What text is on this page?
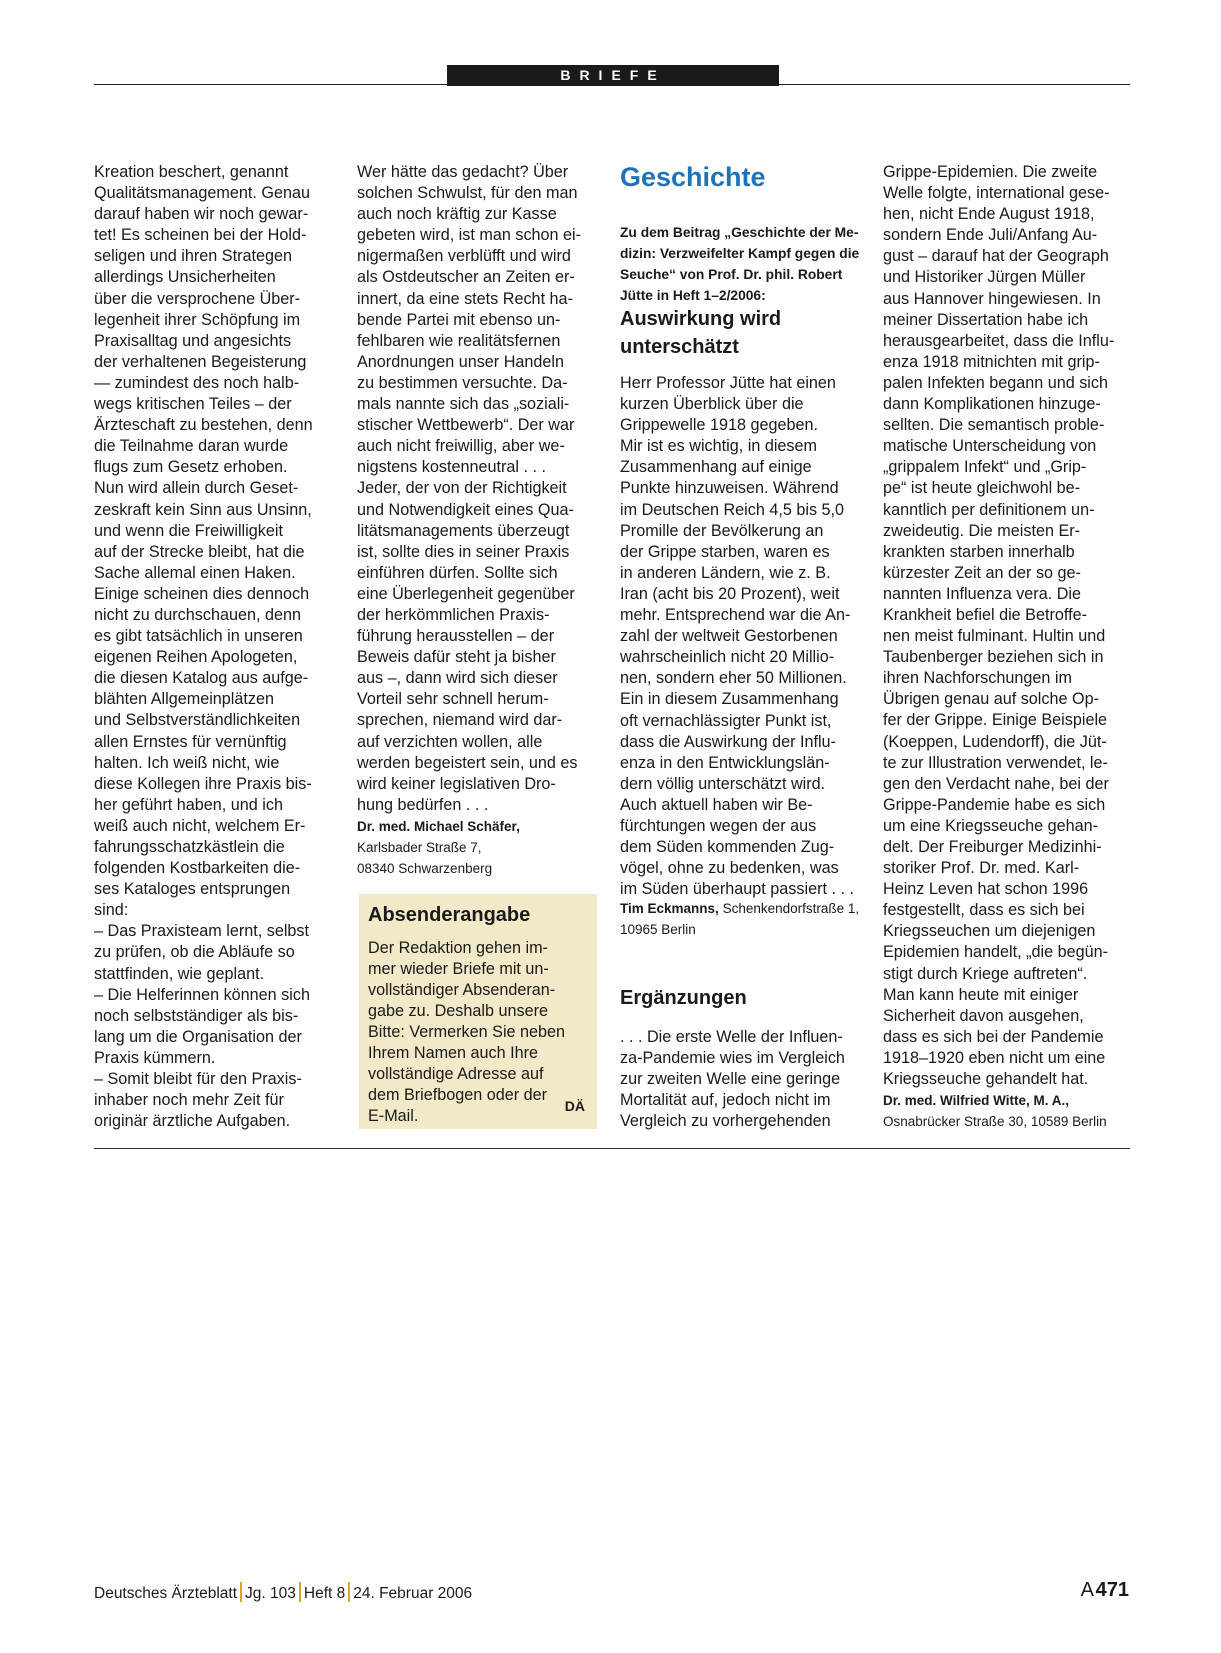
BRIEFE

Kreation beschert, genannt

Qualitätsmanagement. Genau

darauf haben wir noch gewar-

tet! Es scheinen bei der Hold-

seligen und ihren Strategen

allerdings Unsicherheiten

über die versprochene Über-

legenheit ihrer Schöpfung im

Praxisalltag und angesichts

der verhaltenen Begeisterung

— zumindest des noch halb-

wegs kritischen Teiles – der

Ärzteschaft zu bestehen, denn

die Teilnahme daran wurde

flugs zum Gesetz erhoben.

Nun wird allein durch Geset-

zeskraft kein Sinn aus Unsinn,

und wenn die Freiwilligkeit

auf der Strecke bleibt, hat die

Sache allemal einen Haken.

Einige scheinen dies dennoch

nicht zu durchschauen, denn

es gibt tatsächlich in unseren

eigenen Reihen Apologeten,

die diesen Katalog aus aufge-

blähten Allgemeinplätzen

und Selbstverständlichkeiten

allen Ernstes für vernünftig

halten. Ich weiß nicht, wie

diese Kollegen ihre Praxis bis-

her geführt haben, und ich

weiß auch nicht, welchem Er-

fahrungsschatzkästlein die

folgenden Kostbarkeiten die-

ses Kataloges entsprungen

sind:

– Das Praxisteam lernt, selbst

zu prüfen, ob die Abläufe so

stattfinden, wie geplant.

– Die Helferinnen können sich

noch selbstständiger als bis-

lang um die Organisation der

Praxis kümmern.

– Somit bleibt für den Praxis-

inhaber noch mehr Zeit für

originär ärztliche Aufgaben.

Wer hätte das gedacht? Über

solchen Schwulst, für den man

auch noch kräftig zur Kasse

gebeten wird, ist man schon ei-

nigermaßen verblüfft und wird

als Ostdeutscher an Zeiten er-

innert, da eine stets Recht ha-

bende Partei mit ebenso un-

fehlbaren wie realitätsfernen

Anordnungen unser Handeln

zu bestimmen versuchte. Da-

mals nannte sich das „soziali-

stischer Wettbewerb“. Der war

auch nicht freiwillig, aber we-

nigstens kostenneutral . . .

Jeder, der von der Richtigkeit

und Notwendigkeit eines Qua-

litätsmanagements überzeugt

ist, sollte dies in seiner Praxis

einführen dürfen. Sollte sich

eine Überlegenheit gegenüber

der herkömmlichen Praxis-

führung herausstellen – der

Beweis dafür steht ja bisher

aus –, dann wird sich dieser

Vorteil sehr schnell herum-

sprechen, niemand wird dar-

auf verzichten wollen, alle

werden begeistert sein, und es

wird keiner legislativen Dro-

hung bedürfen . . .

Dr. med. Michael Schäfer,
Karlsbader Straße 7,
08340 Schwarzenberg
Absenderangabe

Der Redaktion gehen im-

mer wieder Briefe mit un-

vollständiger Absenderan-

gabe zu. Deshalb unsere

Bitte: Vermerken Sie neben

Ihrem Namen auch Ihre

vollständige Adresse auf

dem Briefbogen oder der

E-Mail.

DÄ
Geschichte

Zu dem Beitrag „Geschichte der Me-

dizin: Verzweifelter Kampf gegen die

Seuche“ von Prof. Dr. phil. Robert

Jütte in Heft 1–2/2006:

Auswirkung wird

unterschätzt

Herr Professor Jütte hat einen

kurzen Überblick über die

Grippewelle 1918 gegeben.

Mir ist es wichtig, in diesem

Zusammenhang auf einige

Punkte hinzuweisen. Während

im Deutschen Reich 4,5 bis 5,0

Promille der Bevölkerung an

der Grippe starben, waren es

in anderen Ländern, wie z. B.

Iran (acht bis 20 Prozent), weit

mehr. Entsprechend war die An-

zahl der weltweit Gestorbenen

wahrscheinlich nicht 20 Millio-

nen, sondern eher 50 Millionen.

Ein in diesem Zusammenhang

oft vernachlässigter Punkt ist,

dass die Auswirkung der Influ-

enza in den Entwicklungslän-

dern völlig unterschätzt wird.

Auch aktuell haben wir Be-

fürchtungen wegen der aus

dem Süden kommenden Zug-

vögel, ohne zu bedenken, was

im Süden überhaupt passiert . . .

Tim Eckmanns, Schenkendorfstraße 1,
10965 Berlin
Ergänzungen

. . . Die erste Welle der Influen-

za-Pandemie wies im Vergleich

zur zweiten Welle eine geringe

Mortalität auf, jedoch nicht im

Vergleich zu vorhergehenden

Grippe-Epidemien. Die zweite

Welle folgte, international gese-

hen, nicht Ende August 1918,

sondern Ende Juli/Anfang Au-

gust – darauf hat der Geograph

und Historiker Jürgen Müller

aus Hannover hingewiesen. In

meiner Dissertation habe ich

herausgearbeitet, dass die Influ-

enza 1918 mitnichten mit grip-

palen Infekten begann und sich

dann Komplikationen hinzuge-

sellten. Die semantisch proble-

matische Unterscheidung von

„grippalem Infekt“ und „Grip-

pe“ ist heute gleichwohl be-

kanntlich per definitionem un-

zweideutig. Die meisten Er-

krankten starben innerhalb

kürzester Zeit an der so ge-

nannten Influenza vera. Die

Krankheit befiel die Betroffe-

nen meist fulminant. Hultin und

Taubenberger beziehen sich in

ihren Nachforschungen im

Übrigen genau auf solche Op-

fer der Grippe. Einige Beispiele

(Koeppen, Ludendorff), die Jüt-

te zur Illustration verwendet, le-

gen den Verdacht nahe, bei der

Grippe-Pandemie habe es sich

um eine Kriegsseuche gehan-

delt. Der Freiburger Medizinhi-

storiker Prof. Dr. med. Karl-

Heinz Leven hat schon 1996

festgestellt, dass es sich bei

Kriegsseuchen um diejenigen

Epidemien handelt, „die begün-

stigt durch Kriege auftreten“.

Man kann heute mit einiger

Sicherheit davon ausgehen,

dass es sich bei der Pandemie

1918–1920 eben nicht um eine

Kriegsseuche gehandelt hat.

Dr. med. Wilfried Witte, M. A.,
Osnabrücker Straße 30, 10589 Berlin
Deutsches Ärzteblatt Jg. 103 Heft 8 24. Februar 2006	A 471
